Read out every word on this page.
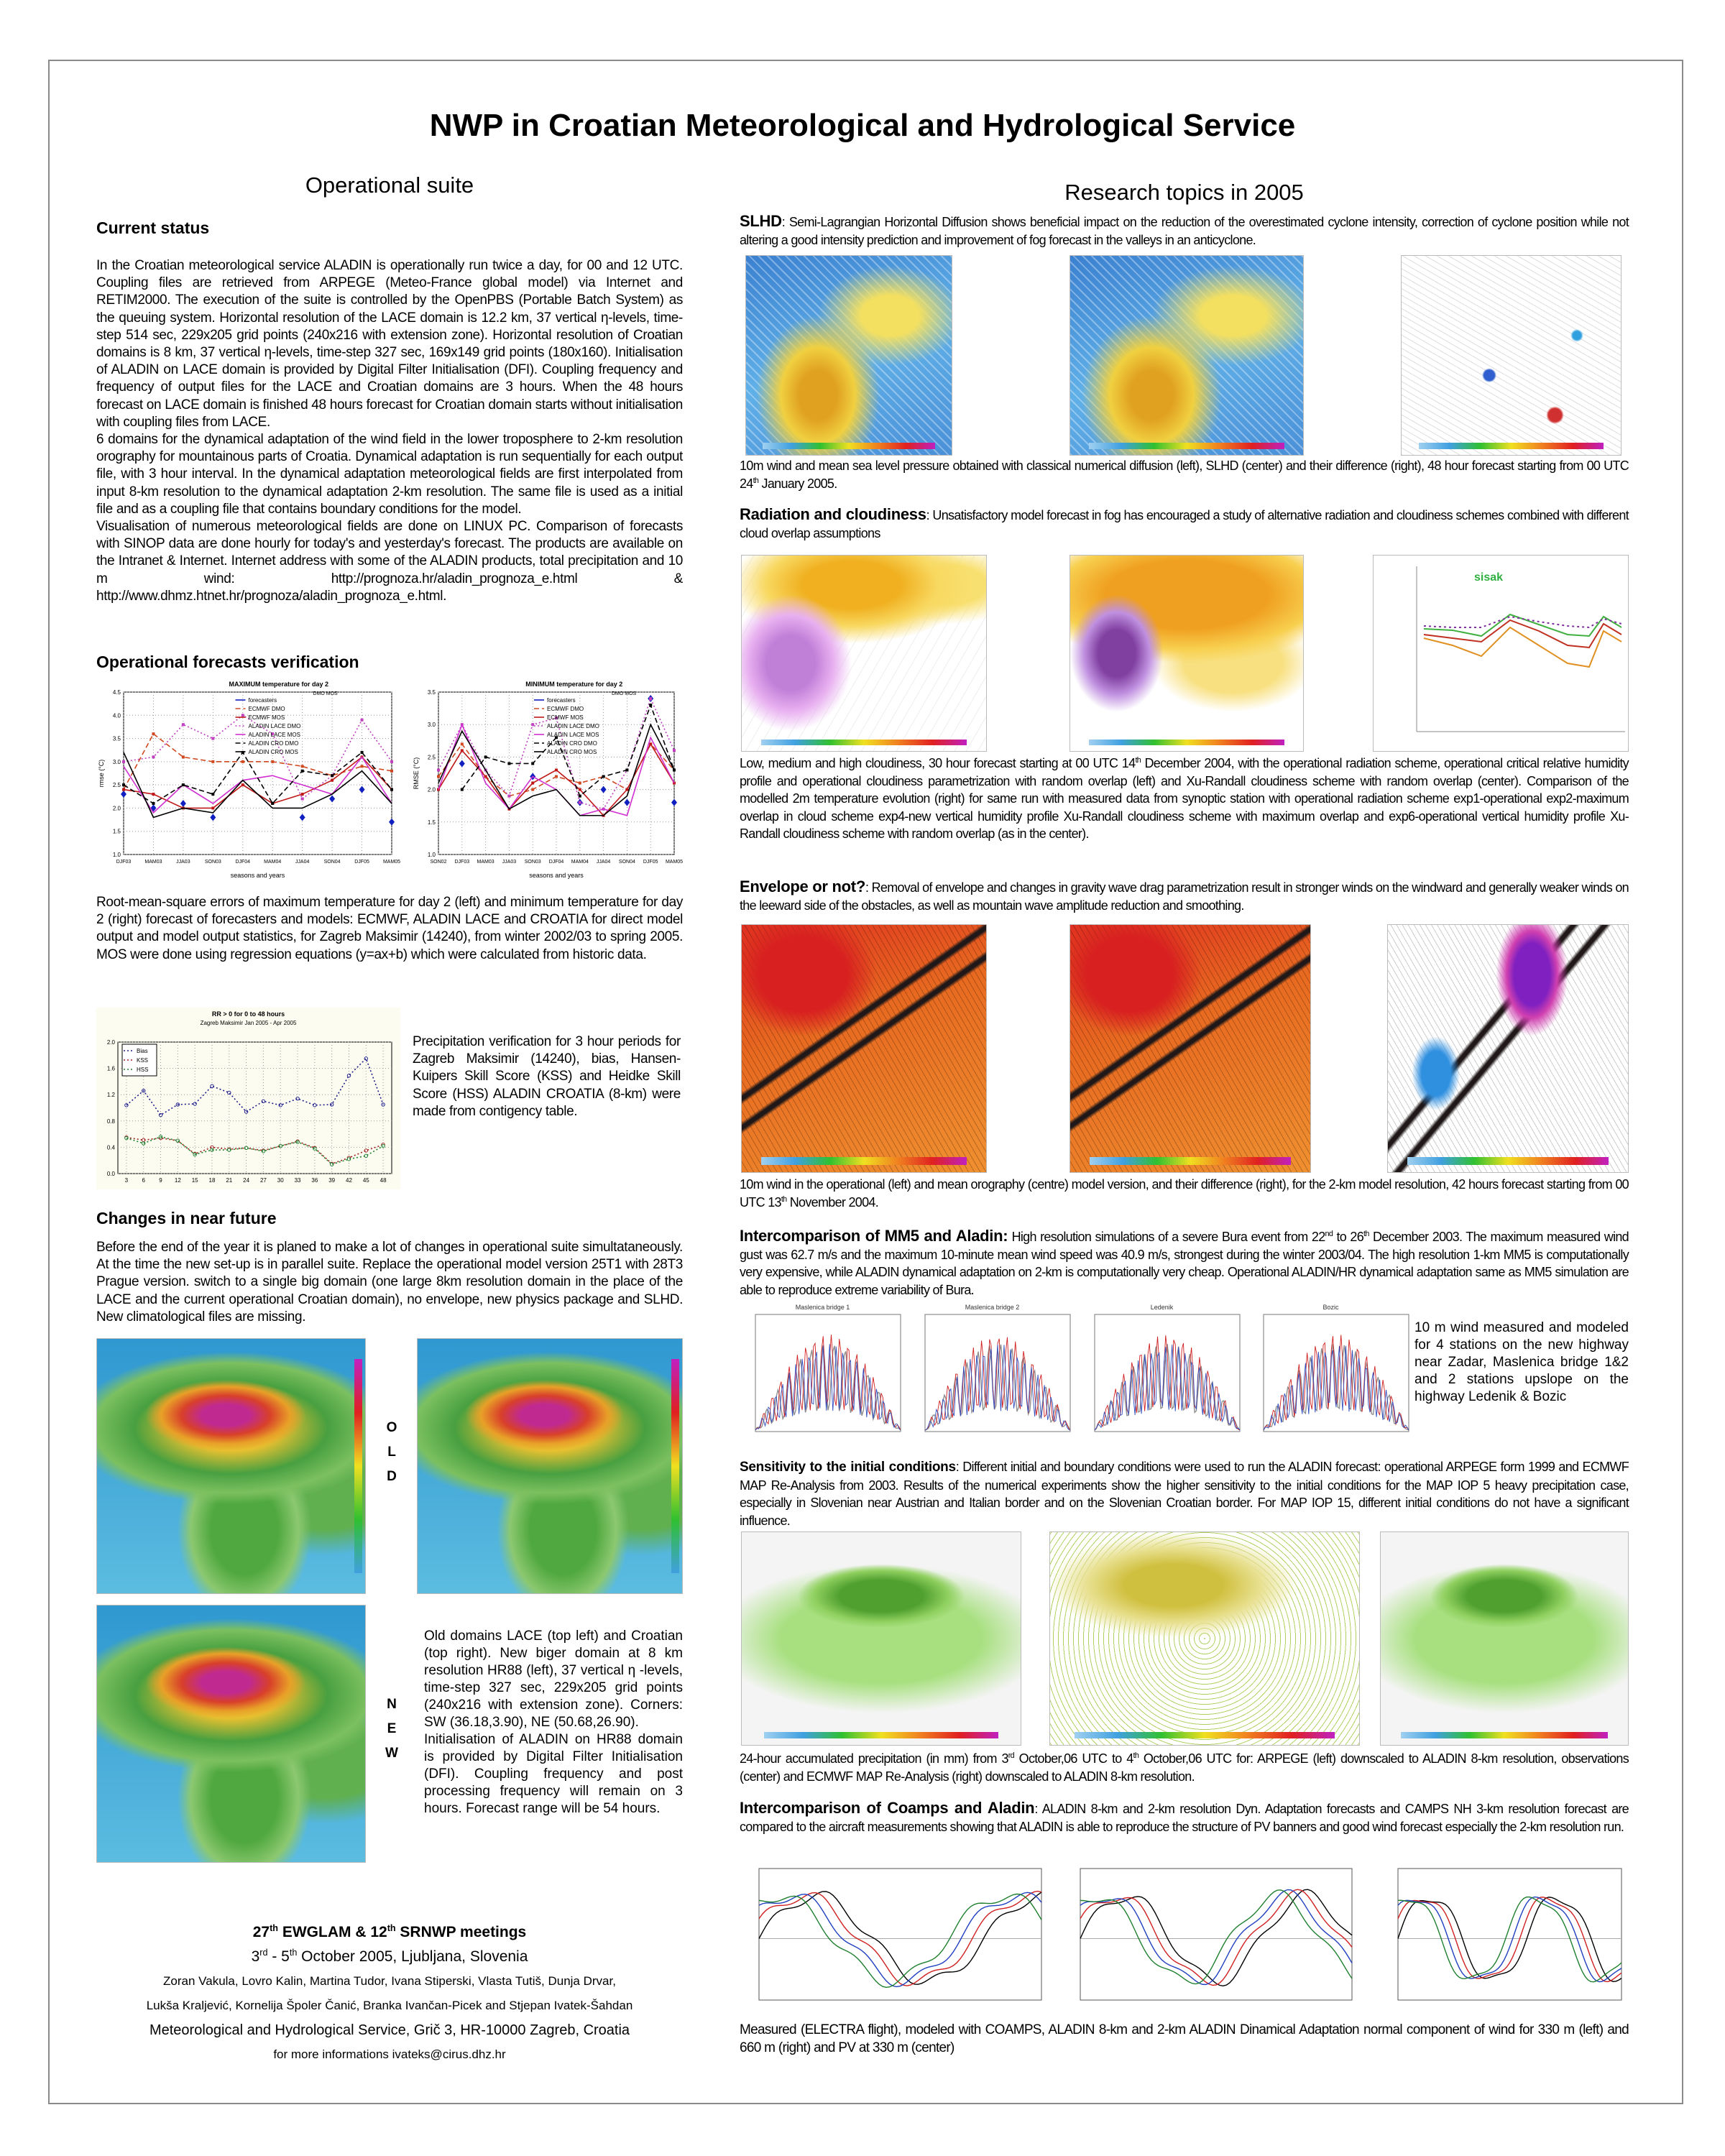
NWP in Croatian Meteorological and Hydrological Service
Operational suite
Current status
In the Croatian meteorological service ALADIN is operationally run twice a day, for 00 and 12 UTC. Coupling files are retrieved from ARPEGE (Meteo-France global model) via Internet and RETIM2000. The execution of the suite is controlled by the OpenPBS (Portable Batch System) as the queuing system. Horizontal resolution of the LACE domain is 12.2 km, 37 vertical η-levels, time-step 514 sec, 229x205 grid points (240x216 with extension zone). Horizontal resolution of Croatian domains is 8 km, 37 vertical η-levels, time-step 327 sec, 169x149 grid points (180x160). Initialisation of ALADIN on LACE domain is provided by Digital Filter Initialisation (DFI). Coupling frequency and frequency of output files for the LACE and Croatian domains are 3 hours. When the 48 hours forecast on LACE domain is finished 48 hours forecast for Croatian domain starts without initialisation with coupling files from LACE.
6 domains for the dynamical adaptation of the wind field in the lower troposphere to 2-km resolution orography for mountainous parts of Croatia. Dynamical adaptation is run sequentially for each output file, with 3 hour interval. In the dynamical adaptation meteorological fields are first interpolated from input 8-km resolution to the dynamical adaptation 2-km resolution. The same file is used as a initial file and as a coupling file that contains boundary conditions for the model.
Visualisation of numerous meteorological fields are done on LINUX PC. Comparison of forecasts with SINOP data are done hourly for today's and yesterday's forecast. The products are available on the Intranet & Internet. Internet address with some of the ALADIN products, total precipitation and 10 m wind: http://prognoza.hr/aladin_prognoza_e.html & http://www.dhmz.htnet.hr/prognoza/aladin_prognoza_e.html.
Operational forecasts verification
1.0
1.5
2.0
2.5
3.0
3.5
4.0
4.5
DJF03	MAM03	JJA03	SON03	DJF04	MAM04	JJA04	SON04	DJF05	MAM05
MAXIMUM temperature for day 2
seasons and years
rmse (°C)
forecasters
ECMWF DMO
ECMWF MOS
ALADIN LACE DMO
ALADIN LACE MOS
ALADIN CRO DMO
ALADIN CRO MOS
DMO MOS
1.0
1.5
2.0
2.5
3.0
3.5
SON02 DJF03 MAM03 JJA03 SON03 DJF04 MAM04 JJA04 SON04 DJF05 MAM05
MINIMUM temperature for day 2
seasons and years
RMSE (°C)
forecasters
ECMWF DMO
ECMWF MOS
ALADIN LACE DMO
ALADIN LACE MOS
ALADIN CRO DMO
ALADIN CRO MOS
DMO MOS
Root-mean-square errors of maximum temperature for day 2 (left) and minimum temperature for day 2 (right) forecast of forecasters and models: ECMWF, ALADIN LACE and CROATIA for direct model output and model output statistics, for Zagreb Maksimir (14240), from winter 2002/03 to spring 2005. MOS were done using regression equations (y=ax+b) which were calculated from historic data.
0.0
0.4
0.8
1.2
1.6
2.0
3 6 9 12 15 18 21 24 27 30 33 36 39 42 45 48
RR > 0 for 0 to 48 hours
Zagreb Maksimir Jan 2005 - Apr 2005
Bias
KSS
HSS
Precipitation verification for 3 hour periods for Zagreb Maksimir (14240), bias, Hansen-Kuipers Skill Score (KSS) and Heidke Skill Score (HSS) ALADIN CROATIA (8-km) were made from contigency table.
Changes in near future
Before the end of the year it is planed to make a lot of changes in operational suite simultataneously. At the time the new set-up is in parallel suite. Replace the operational model version 25T1 with 28T3 Prague version. switch to a single big domain (one large 8km resolution domain in the place of the LACE and the current operational Croatian domain), no envelope, new physics package and SLHD. New climatological files are missing.
O
L
D
N
E
W
Old domains LACE (top left) and Croatian (top right). New biger domain at 8 km resolution HR88 (left), 37 vertical η -levels, time-step 327 sec, 229x205 grid points (240x216 with extension zone). Corners: SW (36.18,3.90), NE (50.68,26.90).
Initialisation of ALADIN on HR88 domain is provided by Digital Filter Initialisation (DFI). Coupling frequency and post processing frequency will remain on 3 hours. Forecast range will be 54 hours.
27th EWGLAM & 12th SRNWP meetings
3rd - 5th October 2005, Ljubljana, Slovenia
Zoran Vakula, Lovro Kalin, Martina Tudor, Ivana Stiperski, Vlasta Tutiš, Dunja Drvar,
Lukša Kraljević, Kornelija Špoler Čanić, Branka Ivančan-Picek and Stjepan Ivatek-Šahdan
Meteorological and Hydrological Service, Grič 3, HR-10000 Zagreb, Croatia
for more informations ivateks@cirus.dhz.hr
Research topics in 2005
SLHD: Semi-Lagrangian Horizontal Diffusion shows beneficial impact on the reduction of the overestimated cyclone intensity, correction of cyclone position while not altering a good intensity prediction and improvement of fog forecast in the valleys in an anticyclone.
10m wind and mean sea level pressure obtained with classical numerical diffusion (left), SLHD (center) and their difference (right), 48 hour forecast starting from 00 UTC 24th January 2005.
Radiation and cloudiness: Unsatisfactory model forecast in fog has encouraged a study of alternative radiation and cloudiness schemes combined with different cloud overlap assumptions
sisak
Low, medium and high cloudiness, 30 hour forecast starting at 00 UTC 14th December 2004, with the operational radiation scheme, operational critical relative humidity profile and operational cloudiness parametrization with random overlap (left) and Xu-Randall cloudiness scheme with random overlap (center). Comparison of the modelled 2m temperature evolution (right) for same run with measured data from synoptic station with operational radiation scheme exp1-operational exp2-maximum overlap in cloud scheme exp4-new vertical humidity profile Xu-Randall cloudiness scheme with maximum overlap and exp6-operational vertical humidity profile Xu-Randall cloudiness scheme with random overlap (as in the center).
Envelope or not?: Removal of envelope and changes in gravity wave drag parametrization result in stronger winds on the windward and generally weaker winds on the leeward side of the obstacles, as well as mountain wave amplitude reduction and smoothing.
10m wind in the operational (left) and mean orography (centre) model version, and their difference (right), for the 2-km model resolution, 42 hours forecast starting from 00 UTC 13th November 2004.
Intercomparison of MM5 and Aladin: High resolution simulations of a severe Bura event from 22nd to 26th December 2003. The maximum measured wind gust was 62.7 m/s and the maximum 10-minute mean wind speed was 40.9 m/s, strongest during the winter 2003/04. The high resolution 1-km MM5 is computationally very expensive, while ALADIN dynamical adaptation on 2-km is computationally very cheap. Operational ALADIN/HR dynamical adaptation same as MM5 simulation are able to reproduce extreme variability of Bura.
Maslenica bridge 1	Maslenica bridge 2	Ledenik	Bozic
10 m wind measured and modeled for 4 stations on the new highway near Zadar, Maslenica bridge 1&2 and 2 stations upslope on the highway Ledenik & Bozic
Sensitivity to the initial conditions: Different initial and boundary conditions were used to run the ALADIN forecast: operational ARPEGE form 1999 and ECMWF MAP Re-Analysis from 2003. Results of the numerical experiments show the higher sensitivity to the initial conditions for the MAP IOP 5 heavy precipitation case, especially in Slovenian near Austrian and Italian border and on the Slovenian Croatian border. For MAP IOP 15, different initial conditions do not have a significant influence.
24-hour accumulated precipitation (in mm) from 3rd October,06 UTC to 4th October,06 UTC for: ARPEGE (left) downscaled to ALADIN 8-km resolution, observations (center) and ECMWF MAP Re-Analysis (right) downscaled to ALADIN 8-km resolution.
Intercomparison of Coamps and Aladin: ALADIN 8-km and 2-km resolution Dyn. Adaptation forecasts and CAMPS NH 3-km resolution forecast are compared to the aircraft measurements showing that ALADIN is able to reproduce the structure of PV banners and good wind forecast especially the 2-km resolution run.
Measured (ELECTRA flight), modeled with COAMPS, ALADIN 8-km and 2-km ALADIN Dinamical Adaptation normal component of wind for 330 m (left) and 660 m (right) and PV at 330 m (center)
